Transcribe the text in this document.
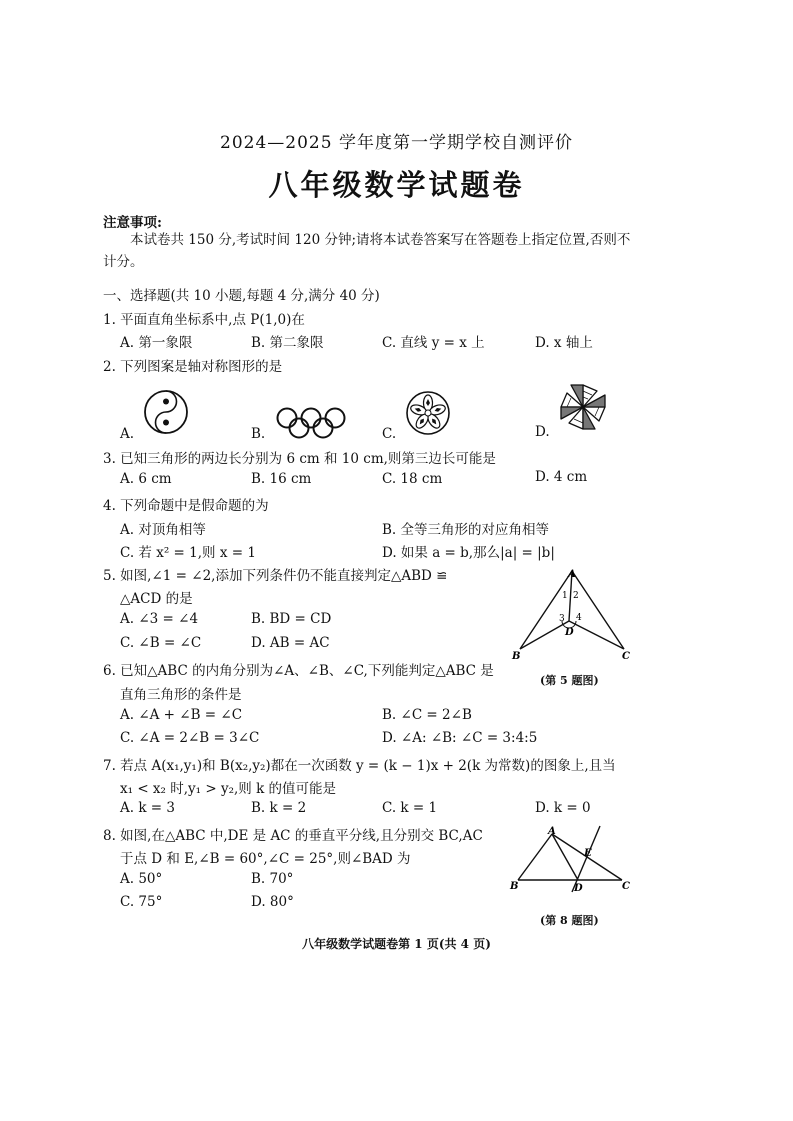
2024—2025 学年度第一学期学校自测评价
八年级数学试题卷
注意事项:
本试卷共 150 分,考试时间 120 分钟;请将本试卷答案写在答题卷上指定位置,否则不
计分。
一、选择题(共 10 小题,每题 4 分,满分 40 分)
1. 平面直角坐标系中,点 P(1,0)在
A. 第一象限	B. 第二象限	C. 直线 y = x 上	D. x 轴上
2. 下列图案是轴对称图形的是
A.	B.	C.	D.
3. 已知三角形的两边长分别为 6 cm 和 10 cm,则第三边长可能是
A. 6 cm	B. 16 cm	C. 18 cm	D. 4 cm
4. 下列命题中是假命题的为
A. 对顶角相等	B. 全等三角形的对应角相等
C. 若 x² = 1,则 x = 1	D. 如果 a = b,那么|a| = |b|
5. 如图,∠1 = ∠2,添加下列条件仍不能直接判定△ABD ≌
△ACD 的是
A. ∠3 = ∠4	B. BD = CD
C. ∠B = ∠C	D. AB = AC
A
1 2
3 4
D
B	C
(第 5 题图)
6. 已知△ABC 的内角分别为∠A、∠B、∠C,下列能判定△ABC 是
直角三角形的条件是
A. ∠A + ∠B = ∠C	B. ∠C = 2∠B
C. ∠A = 2∠B = 3∠C	D. ∠A: ∠B: ∠C = 3:4:5
7. 若点 A(x₁,y₁)和 B(x₂,y₂)都在一次函数 y = (k − 1)x + 2(k 为常数)的图象上,且当
x₁ < x₂ 时,y₁ > y₂,则 k 的值可能是
A. k = 3	B. k = 2	C. k = 1	D. k = 0
8. 如图,在△ABC 中,DE 是 AC 的垂直平分线,且分别交 BC,AC
于点 D 和 E,∠B = 60°,∠C = 25°,则∠BAD 为
A. 50°	B. 70°
C. 75°	D. 80°
A
E
B	D	C
(第 8 题图)
八年级数学试题卷第 1 页(共 4 页)
